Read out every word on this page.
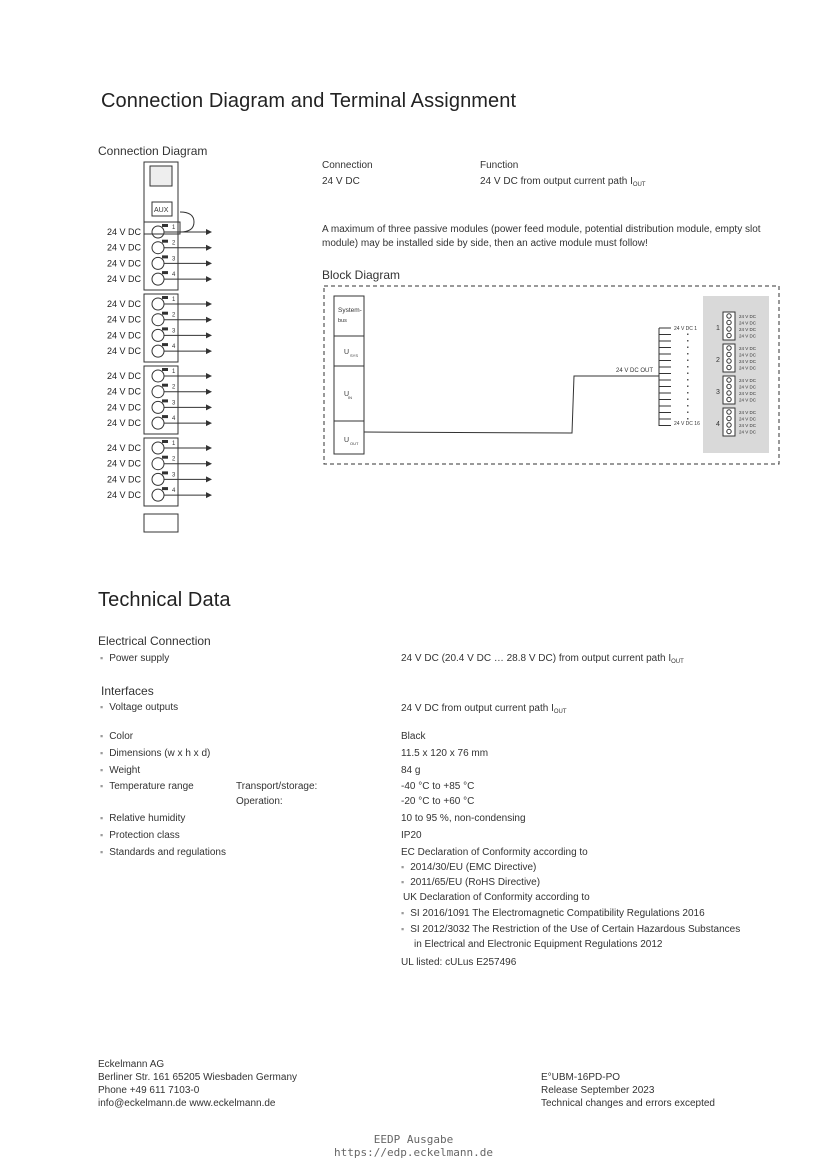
Connection Diagram and Terminal Assignment
Connection Diagram
AUX
1
24 V DC
2
24 V DC
3
24 V DC
4
24 V DC
1
24 V DC
2
24 V DC
3
24 V DC
4
24 V DC
1
24 V DC
2
24 V DC
3
24 V DC
4
24 V DC
1
24 V DC
2
24 V DC
3
24 V DC
4
24 V DC
Connection	Function
24 V DC	24 V DC from output current path $I_{OUT}$
A maximum of three passive modules (power feed module, potential distribution module, empty slot module) may be installed side by side, then an active module must follow!
Block Diagram
System-
bus
U SYS
U
IN
U OUT
24 V DC OUT
24 V DC 1
24 V DC 16
1
24 V DC
24 V DC
24 V DC
24 V DC
2
24 V DC
24 V DC
24 V DC
24 V DC
3
24 V DC
24 V DC
24 V DC
24 V DC
4
24 V DC
24 V DC
24 V DC
24 V DC
Technical Data
Electrical Connection
▪ Power supply	24 V DC (20.4 V DC … 28.8 V DC) from output current path $I_{OUT}$
Interfaces
▪ Voltage outputs	24 V DC from output current path $I_{OUT}$
▪ Color	Black
▪ Dimensions (w x h x d)	11.5 x 120 x 76 mm
▪ Weight	84 g
▪ Temperature range	Transport/storage:	-40 °C to +85 °C
Operation:	-20 °C to +60 °C
▪ Relative humidity	10 to 95 %, non-condensing
▪ Protection class	IP20
▪ Standards and regulations	EC Declaration of Conformity according to
▪ 2014/30/EU (EMC Directive)
▪ 2011/65/EU (RoHS Directive)
UK Declaration of Conformity according to
▪ SI 2016/1091 The Electromagnetic Compatibility Regulations 2016
▪ SI 2012/3032 The Restriction of the Use of Certain Hazardous Substances
in Electrical and Electronic Equipment Regulations 2012
UL listed: cULus E257496
Eckelmann AG
Berliner Str. 161 65205 Wiesbaden Germany
Phone +49 611 7103-0
info@eckelmann.de www.eckelmann.de
E°UBM-16PD-PO
Release September 2023
Technical changes and errors excepted
EEDP Ausgabe
https://edp.eckelmann.de
